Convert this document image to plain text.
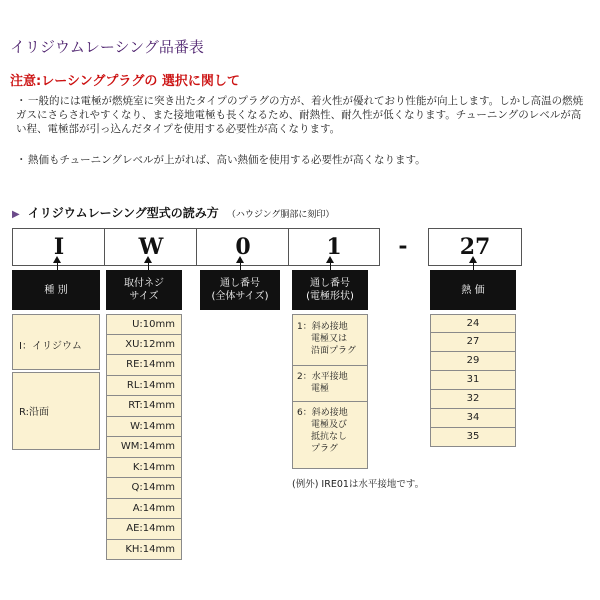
イリジウムレーシング品番表
注意:レーシングプラグの 選択に関して
・ 一般的には電極が燃焼室に突き出たタイプのプラグの方が、着火性が優れており性能が向上します。しかし高温の燃焼ガスにさらされやすくなり、また接地電極も長くなるため、耐熱性、耐久性が低くなります。チューニングのレベルが高い程、電極部が引っ込んだタイプを使用する必要性が高くなります。
・ 熱価もチューニングレベルが上がれば、高い熱価を使用する必要性が高くなります。
▶ イリジウムレーシング型式の読み方 （ハウジング胴部に刻印）
I	W	0	1	-	27
種 別
取付ネジ
サイズ
通し番号
(全体サイズ)
通し番号
(電極形状)
熱 価
I：イリジウム
R:沿面
U:10mm
XU:12mm
RE:14mm
RL:14mm
RT:14mm
W:14mm
WM:14mm
K:14mm
Q:14mm
A:14mm
AE:14mm
KH:14mm
1：斜め接地
電極又は
沿面プラグ
2：水平接地
電極
6：斜め接地
電極及び
抵抗なし
プラグ
24
27
29
31
32
34
35
(例外) IRE01は水平接地です。
